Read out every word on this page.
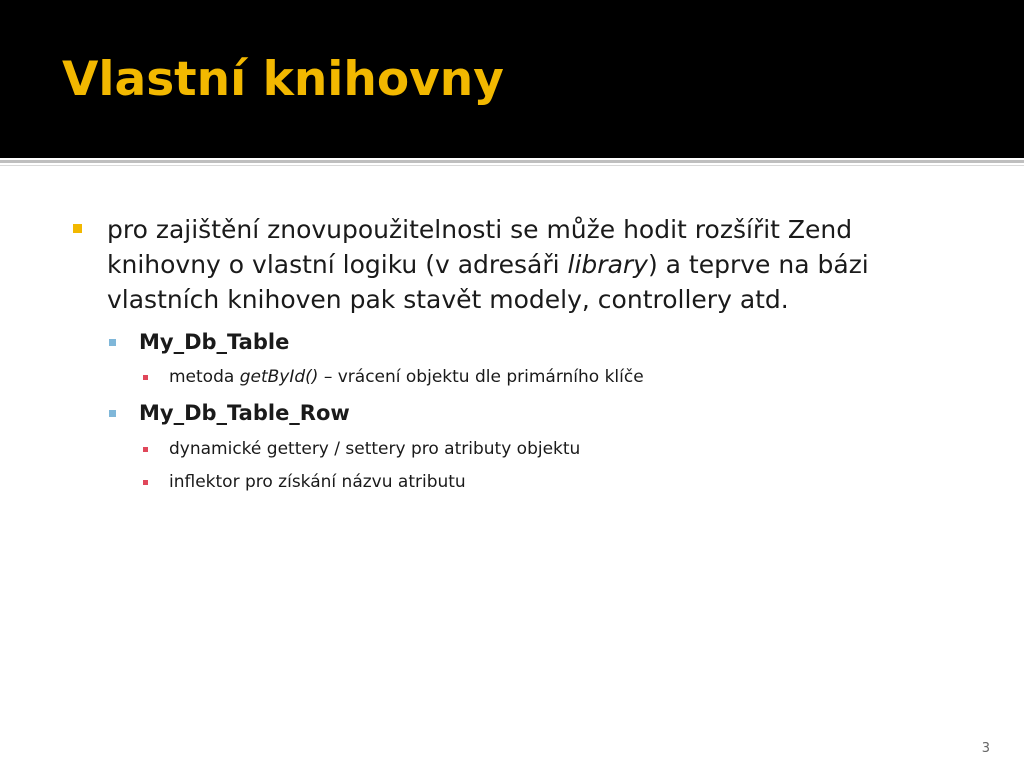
Vlastní knihovny
pro zajištění znovupoužitelnosti se může hodit rozšířit Zend knihovny o vlastní logiku (v adresáři library) a teprve na bázi vlastních knihoven pak stavět modely, controllery atd.
My_Db_Table
metoda getById() – vrácení objektu dle primárního klíče
My_Db_Table_Row
dynamické gettery / settery pro atributy objektu
inflektor pro získání názvu atributu
3
